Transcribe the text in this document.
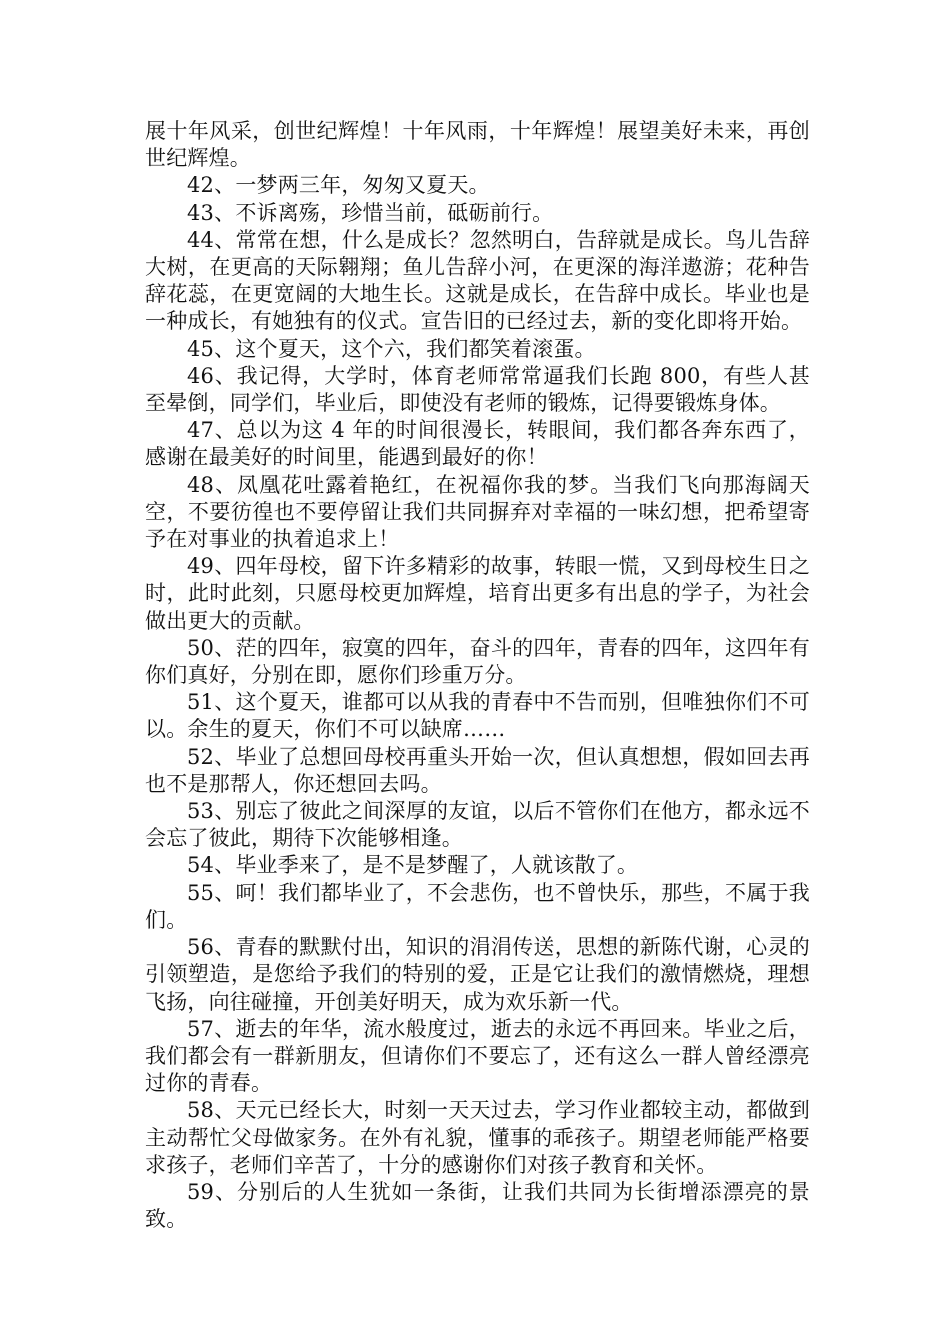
展十年风采，创世纪辉煌！十年风雨，十年辉煌！展望美好未来，再创世纪辉煌。

42、一梦两三年，匆匆又夏天。

43、不诉离殇，珍惜当前，砥砺前行。

44、常常在想，什么是成长？忽然明白，告辞就是成长。鸟儿告辞大树，在更高的天际翱翔；鱼儿告辞小河，在更深的海洋遨游；花种告辞花蕊，在更宽阔的大地生长。这就是成长，在告辞中成长。毕业也是一种成长，有她独有的仪式。宣告旧的已经过去，新的变化即将开始。

45、这个夏天，这个六，我们都笑着滚蛋。

46、我记得，大学时，体育老师常常逼我们长跑 800，有些人甚至晕倒，同学们，毕业后，即使没有老师的锻炼，记得要锻炼身体。

47、总以为这 4 年的时间很漫长，转眼间，我们都各奔东西了，感谢在最美好的时间里，能遇到最好的你！

48、凤凰花吐露着艳红，在祝福你我的梦。当我们飞向那海阔天空，不要彷徨也不要停留让我们共同摒弃对幸福的一味幻想，把希望寄予在对事业的执着追求上！

49、四年母校，留下许多精彩的故事，转眼一慌，又到母校生日之时，此时此刻，只愿母校更加辉煌，培育出更多有出息的学子，为社会做出更大的贡献。

50、茫的四年，寂寞的四年，奋斗的四年，青春的四年，这四年有你们真好，分别在即，愿你们珍重万分。

51、这个夏天，谁都可以从我的青春中不告而别，但唯独你们不可以。余生的夏天，你们不可以缺席……

52、毕业了总想回母校再重头开始一次，但认真想想，假如回去再也不是那帮人，你还想回去吗。

53、别忘了彼此之间深厚的友谊，以后不管你们在他方，都永远不会忘了彼此，期待下次能够相逢。

54、毕业季来了，是不是梦醒了，人就该散了。

55、呵！我们都毕业了，不会悲伤，也不曾快乐，那些，不属于我们。

56、青春的默默付出，知识的涓涓传送，思想的新陈代谢，心灵的引领塑造，是您给予我们的特别的爱，正是它让我们的激情燃烧，理想飞扬，向往碰撞，开创美好明天，成为欢乐新一代。

57、逝去的年华，流水般度过，逝去的永远不再回来。毕业之后，我们都会有一群新朋友，但请你们不要忘了，还有这么一群人曾经漂亮过你的青春。

58、天元已经长大，时刻一天天过去，学习作业都较主动，都做到主动帮忙父母做家务。在外有礼貌，懂事的乖孩子。期望老师能严格要求孩子，老师们辛苦了，十分的感谢你们对孩子教育和关怀。

59、分别后的人生犹如一条街，让我们共同为长街增添漂亮的景致。
